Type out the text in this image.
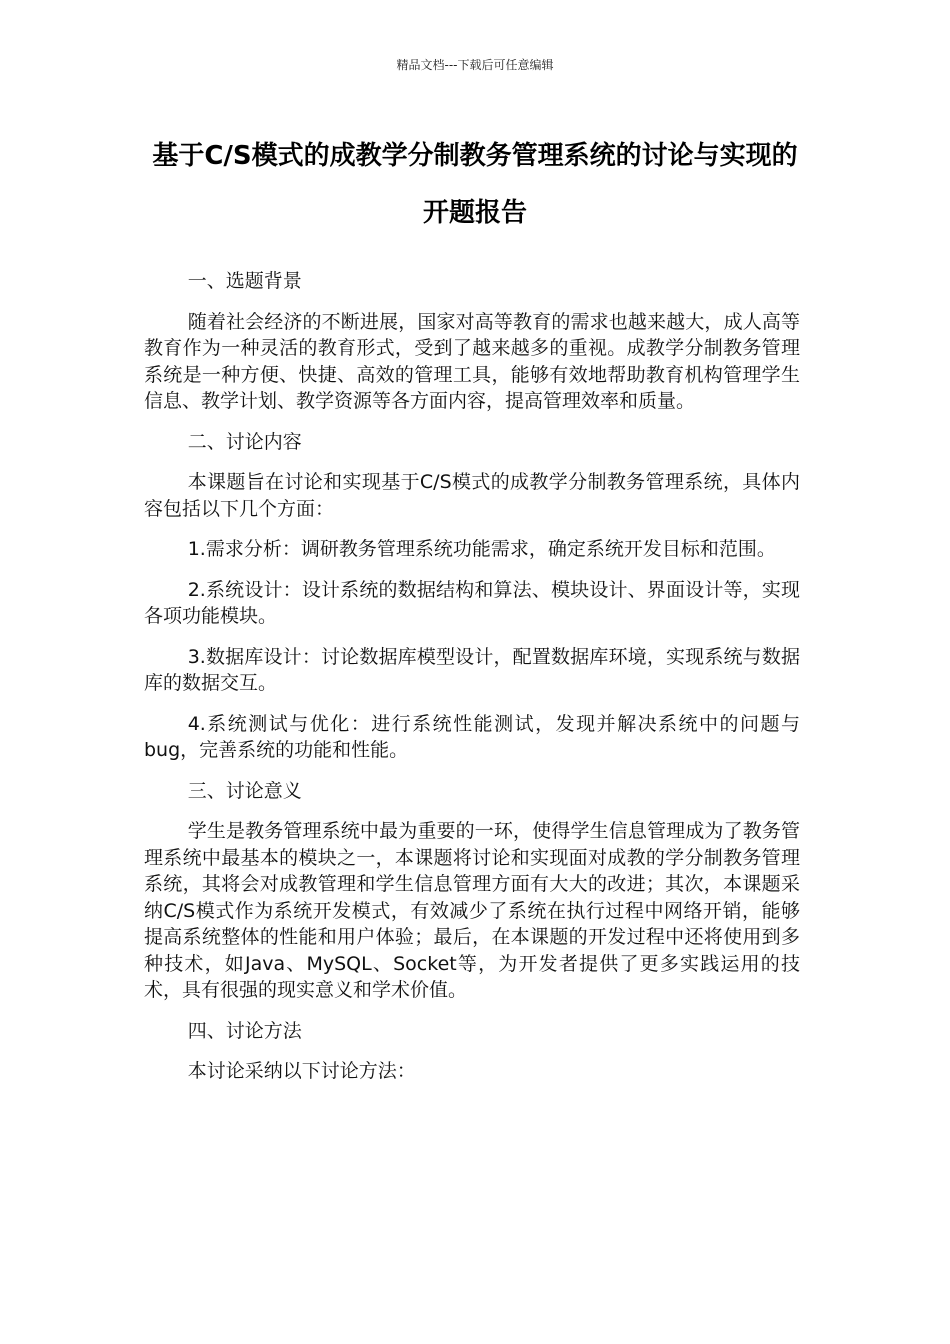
精品文档---下载后可任意编辑
基于C/S模式的成教学分制教务管理系统的讨论与实现的开题报告

一、选题背景

随着社会经济的不断进展，国家对高等教育的需求也越来越大，成人高等教育作为一种灵活的教育形式，受到了越来越多的重视。成教学分制教务管理系统是一种方便、快捷、高效的管理工具，能够有效地帮助教育机构管理学生信息、教学计划、教学资源等各方面内容，提高管理效率和质量。

二、讨论内容

本课题旨在讨论和实现基于C/S模式的成教学分制教务管理系统，具体内容包括以下几个方面：

1.需求分析：调研教务管理系统功能需求，确定系统开发目标和范围。

2.系统设计：设计系统的数据结构和算法、模块设计、界面设计等，实现各项功能模块。

3.数据库设计：讨论数据库模型设计，配置数据库环境，实现系统与数据库的数据交互。

4.系统测试与优化：进行系统性能测试，发现并解决系统中的问题与bug，完善系统的功能和性能。

三、讨论意义

学生是教务管理系统中最为重要的一环，使得学生信息管理成为了教务管理系统中最基本的模块之一，本课题将讨论和实现面对成教的学分制教务管理系统，其将会对成教管理和学生信息管理方面有大大的改进；其次，本课题采纳C/S模式作为系统开发模式，有效减少了系统在执行过程中网络开销，能够提高系统整体的性能和用户体验；最后，在本课题的开发过程中还将使用到多种技术，如Java、MySQL、Socket等，为开发者提供了更多实践运用的技术，具有很强的现实意义和学术价值。

四、讨论方法

本讨论采纳以下讨论方法：
